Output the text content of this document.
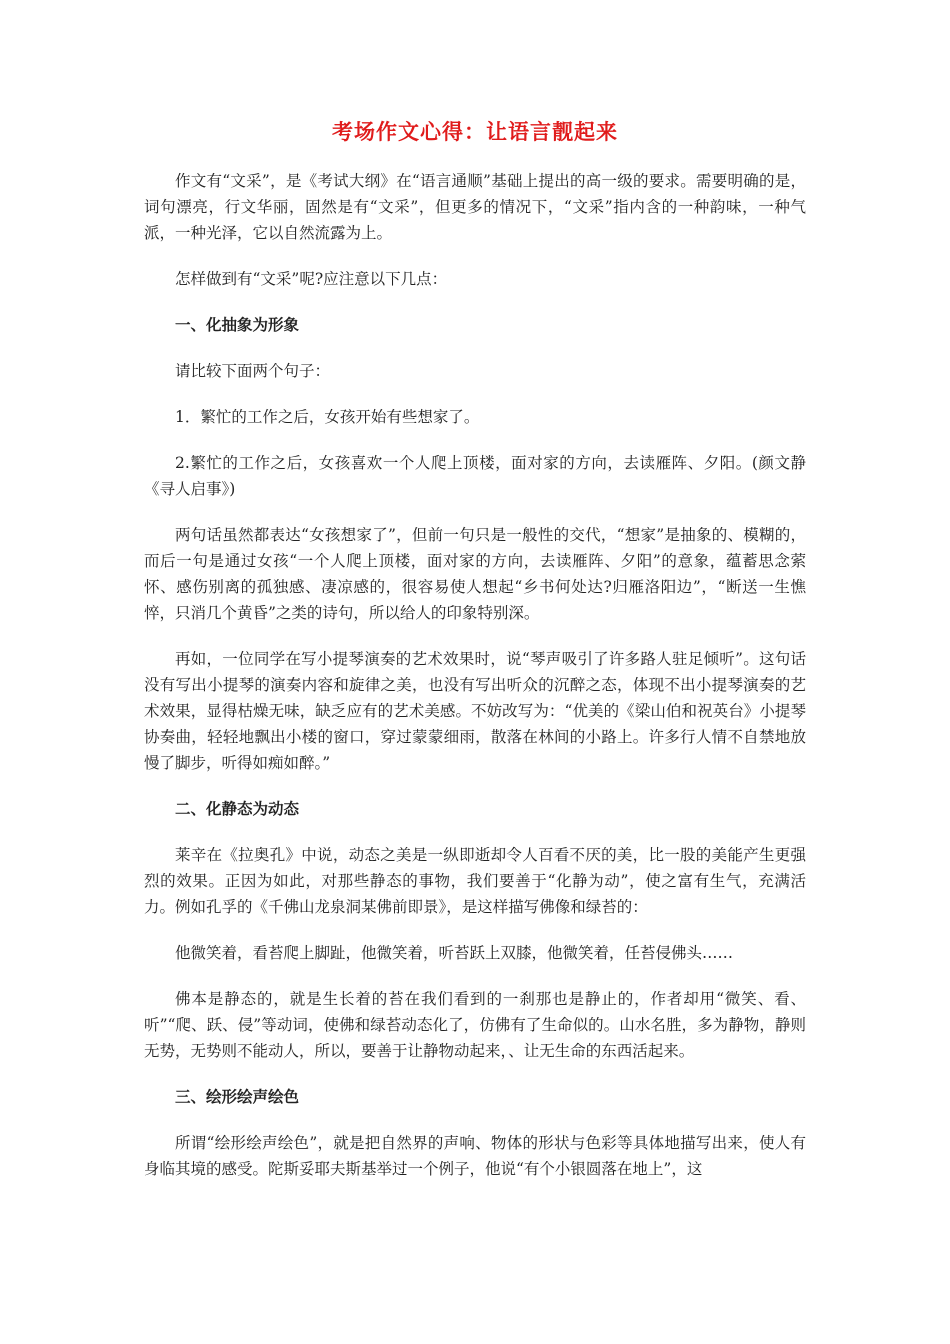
考场作文心得：让语言靓起来

作文有“文采”，是《考试大纲》在“语言通顺”基础上提出的高一级的要求。需要明确的是，词句漂亮，行文华丽，固然是有“文采”，但更多的情况下，“文采”指内含的一种韵味，一种气派，一种光泽，它以自然流露为上。

怎样做到有“文采”呢?应注意以下几点：

一、化抽象为形象

请比较下面两个句子：

1．繁忙的工作之后，女孩开始有些想家了。

2.繁忙的工作之后，女孩喜欢一个人爬上顶楼，面对家的方向，去读雁阵、夕阳。(颜文静《寻人启事》)

两句话虽然都表达“女孩想家了”，但前一句只是一般性的交代，“想家”是抽象的、模糊的，而后一句是通过女孩“一个人爬上顶楼，面对家的方向，去读雁阵、夕阳”的意象，蕴蓄思念萦怀、感伤别离的孤独感、凄凉感的，很容易使人想起“乡书何处达?归雁洛阳边”，“断送一生憔悴，只消几个黄昏”之类的诗句，所以给人的印象特别深。

再如，一位同学在写小提琴演奏的艺术效果时，说“琴声吸引了许多路人驻足倾听”。这句话没有写出小提琴的演奏内容和旋律之美，也没有写出听众的沉醉之态，体现不出小提琴演奏的艺术效果，显得枯燥无味，缺乏应有的艺术美感。不妨改写为：“优美的《梁山伯和祝英台》小提琴协奏曲，轻轻地飘出小楼的窗口，穿过蒙蒙细雨，散落在林间的小路上。许多行人情不自禁地放慢了脚步，听得如痴如醉。”

二、化静态为动态

莱辛在《拉奥孔》中说，动态之美是一纵即逝却令人百看不厌的美，比一股的美能产生更强烈的效果。正因为如此，对那些静态的事物，我们要善于“化静为动”，使之富有生气，充满活力。例如孔孚的《千佛山龙泉洞某佛前即景》，是这样描写佛像和绿苔的：

他微笑着，看苔爬上脚趾，他微笑着，听苔跃上双膝，他微笑着，任苔侵佛头……

佛本是静态的，就是生长着的苔在我们看到的一刹那也是静止的，作者却用“微笑、看、听”“爬、跃、侵”等动词，使佛和绿苔动态化了，仿佛有了生命似的。山水名胜，多为静物，静则无势，无势则不能动人，所以，要善于让静物动起来，、让无生命的东西活起来。

三、绘形绘声绘色

所谓“绘形绘声绘色”，就是把自然界的声响、物体的形状与色彩等具体地描写出来，使人有身临其境的感受。陀斯妥耶夫斯基举过一个例子，他说“有个小银圆落在地上”，这
